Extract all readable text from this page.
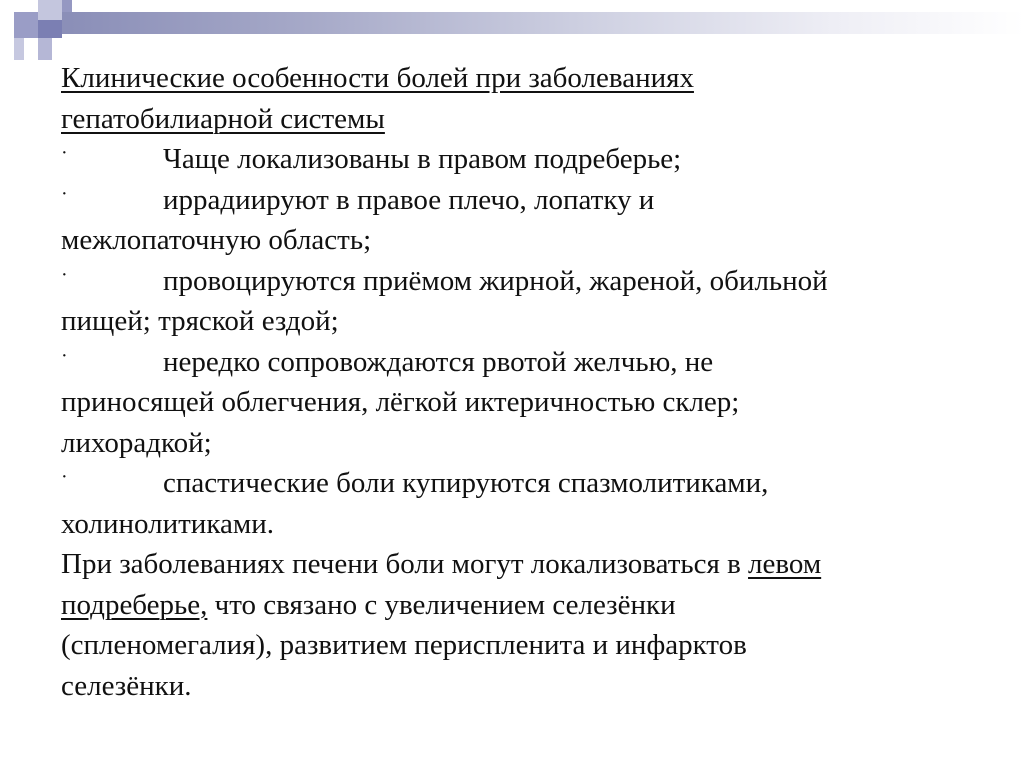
Клинические особенности болей при заболеваниях
гепатобилиарной системы
·	Чаще локализованы в правом подреберье;
·	иррадиируют в правое плечо, лопатку и
межлопаточную область;
·	провоцируются приёмом жирной, жареной, обильной
пищей; тряской ездой;
·	нередко сопровождаются рвотой желчью, не
приносящей облегчения, лёгкой иктеричностью склер;
лихорадкой;
·	спастические боли купируются спазмолитиками,
холинолитиками.
При заболеваниях печени боли могут локализоваться в левом
подреберье, что связано с увеличением селезёнки
(спленомегалия), развитием периспленита и инфарктов
селезёнки.
